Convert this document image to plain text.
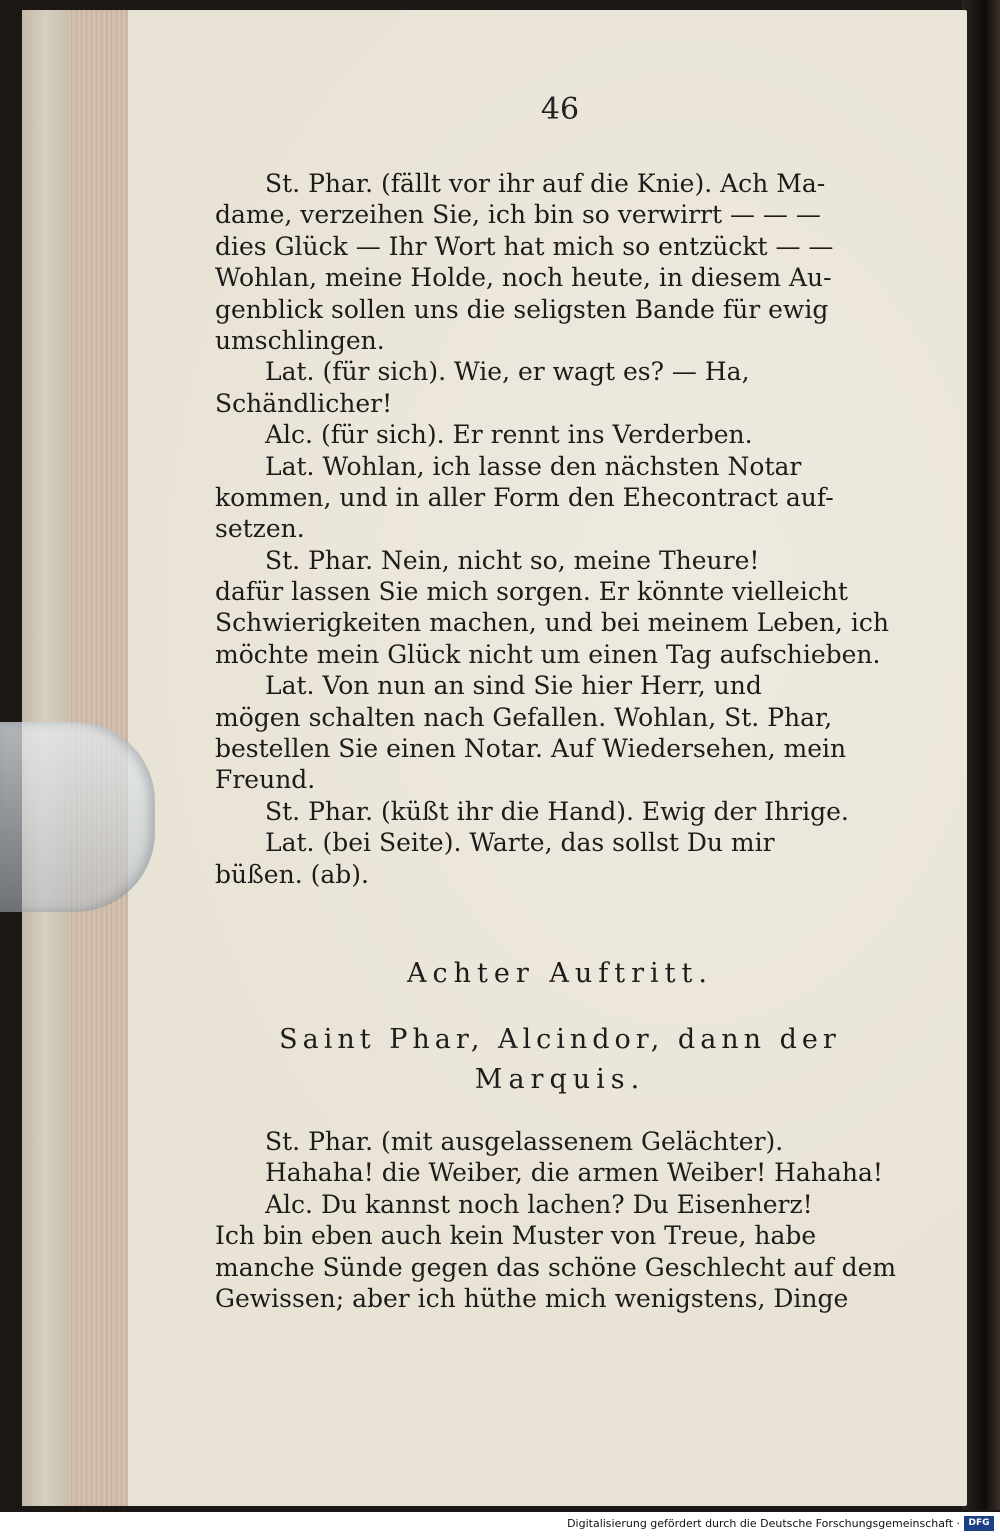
46
St. Phar. (fällt vor ihr auf die Knie). Ach Ma-
dame, verzeihen Sie, ich bin so verwirrt — — —
dies Glück — Ihr Wort hat mich so entzückt — —
Wohlan, meine Holde, noch heute, in diesem Au-
genblick sollen uns die seligsten Bande für ewig
umschlingen.
Lat. (für sich). Wie, er wagt es? — Ha,
Schändlicher!
Alc. (für sich). Er rennt ins Verderben.
Lat. Wohlan, ich lasse den nächsten Notar
kommen, und in aller Form den Ehecontract auf-
setzen.
St. Phar. Nein, nicht so, meine Theure!
dafür lassen Sie mich sorgen. Er könnte vielleicht
Schwierigkeiten machen, und bei meinem Leben, ich
möchte mein Glück nicht um einen Tag aufschieben.
Lat. Von nun an sind Sie hier Herr, und
mögen schalten nach Gefallen. Wohlan, St. Phar,
bestellen Sie einen Notar. Auf Wiedersehen, mein
Freund.
St. Phar. (küßt ihr die Hand). Ewig der Ihrige.
Lat. (bei Seite). Warte, das sollst Du mir
büßen. (ab).
Achter Auftritt.
Saint Phar, Alcindor, dann der
Marquis.
St. Phar. (mit ausgelassenem Gelächter).
Hahaha! die Weiber, die armen Weiber! Hahaha!
Alc. Du kannst noch lachen? Du Eisenherz!
Ich bin eben auch kein Muster von Treue, habe
manche Sünde gegen das schöne Geschlecht auf dem
Gewissen; aber ich hüthe mich wenigstens, Dinge
Digitalisierung gefördert durch die Deutsche Forschungsgemeinschaft · DFG
